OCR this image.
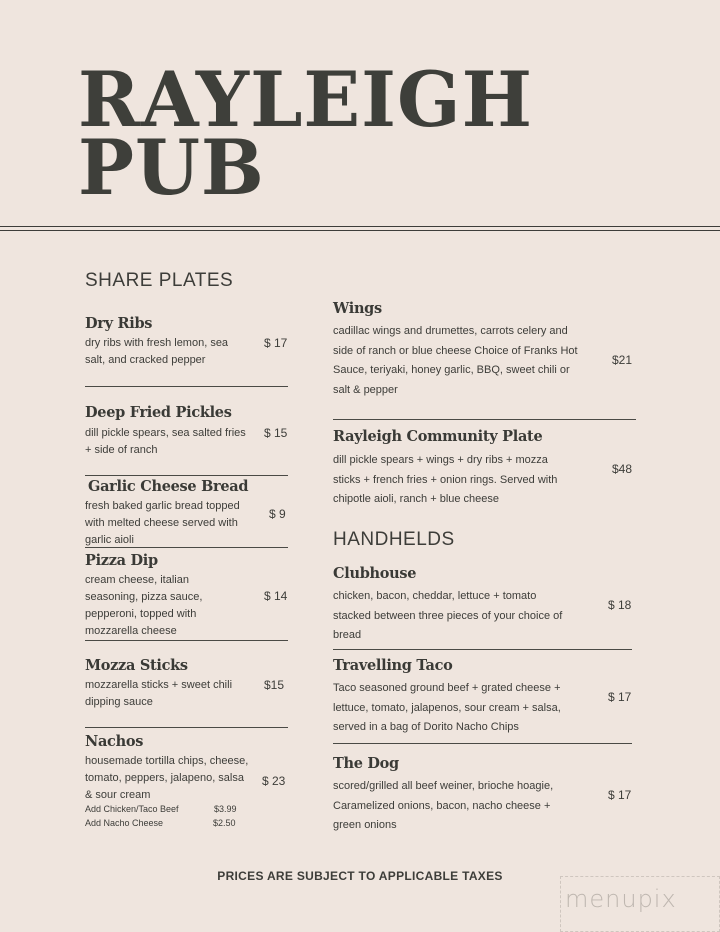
RAYLEIGH
PUB
SHARE PLATES
Dry Ribs
dry ribs with fresh lemon, sea salt, and cracked pepper
$ 17
Deep Fried Pickles
dill pickle spears, sea salted fries + side of ranch
$ 15
Garlic Cheese Bread
fresh baked garlic bread topped with melted cheese served with garlic aioli
$ 9
Pizza Dip
cream cheese, italian seasoning, pizza sauce, pepperoni, topped with mozzarella cheese
$ 14
Mozza Sticks
mozzarella sticks + sweet chili dipping sauce
$15
Nachos
housemade tortilla chips, cheese, tomato, peppers, jalapeno, salsa & sour cream
$ 23
Add Chicken/Taco Beef	$3.99
Add Nacho Cheese	$2.50
Wings
cadillac wings and drumettes, carrots celery and side of ranch or blue cheese Choice of Franks Hot Sauce, teriyaki, honey garlic, BBQ, sweet chili or salt & pepper
$21
Rayleigh Community Plate
dill pickle spears + wings + dry ribs + mozza sticks + french fries + onion rings. Served with chipotle aioli, ranch + blue cheese
$48
HANDHELDS
Clubhouse
chicken, bacon, cheddar, lettuce + tomato stacked between three pieces of your choice of bread
$ 18
Travelling Taco
Taco seasoned ground beef + grated cheese + lettuce, tomato, jalapenos, sour cream + salsa, served in a bag of Dorito Nacho Chips
$ 17
The Dog
scored/grilled all beef weiner, brioche hoagie, Caramelized onions, bacon, nacho cheese + green onions
$ 17
PRICES ARE SUBJECT TO APPLICABLE TAXES
menupix
